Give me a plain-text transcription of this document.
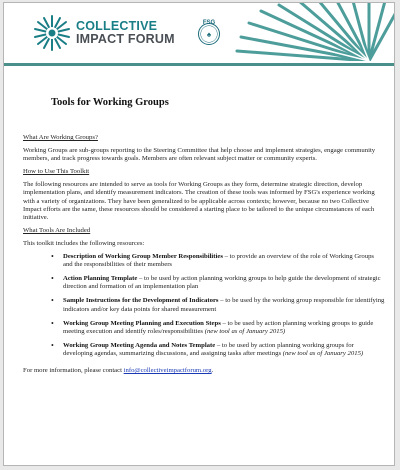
COLLECTIVE
IMPACT FORUM
FSG
♠
Tools for Working Groups
What Are Working Groups?

Working Groups are sub-groups reporting to the Steering Committee that help choose and implement strategies, engage community members, and track progress towards goals. Members are often relevant subject matter or community experts.

How to Use This Toolkit

The following resources are intended to serve as tools for Working Groups as they form, determine strategic direction, develop implementation plans, and identify measurement indicators. The creation of these tools was informed by FSG's experience working with a variety of organizations. They have been generalized to be applicable across contexts; however, because no two Collective Impact efforts are the same, these resources should be considered a starting place to be tailored to the unique circumstances of each initiative.

What Tools Are Included

This toolkit includes the following resources:

• Description of Working Group Member Responsibilities – to provide an overview of the role of Working Groups and the responsibilities of their members
• Action Planning Template – to be used by action planning working groups to help guide the development of strategic direction and formation of an implementation plan
• Sample Instructions for the Development of Indicators – to be used by the working group responsible for identifying indicators and/or key data points for shared measurement
• Working Group Meeting Planning and Execution Steps – to be used by action planning working groups to guide meeting execution and identify roles/responsibilities (new tool as of January 2015)
• Working Group Meeting Agenda and Notes Template – to be used by action planning working groups for developing agendas, summarizing discussions, and assigning tasks after meetings (new tool as of January 2015)

For more information, please contact info@collectiveimpactforum.org.
